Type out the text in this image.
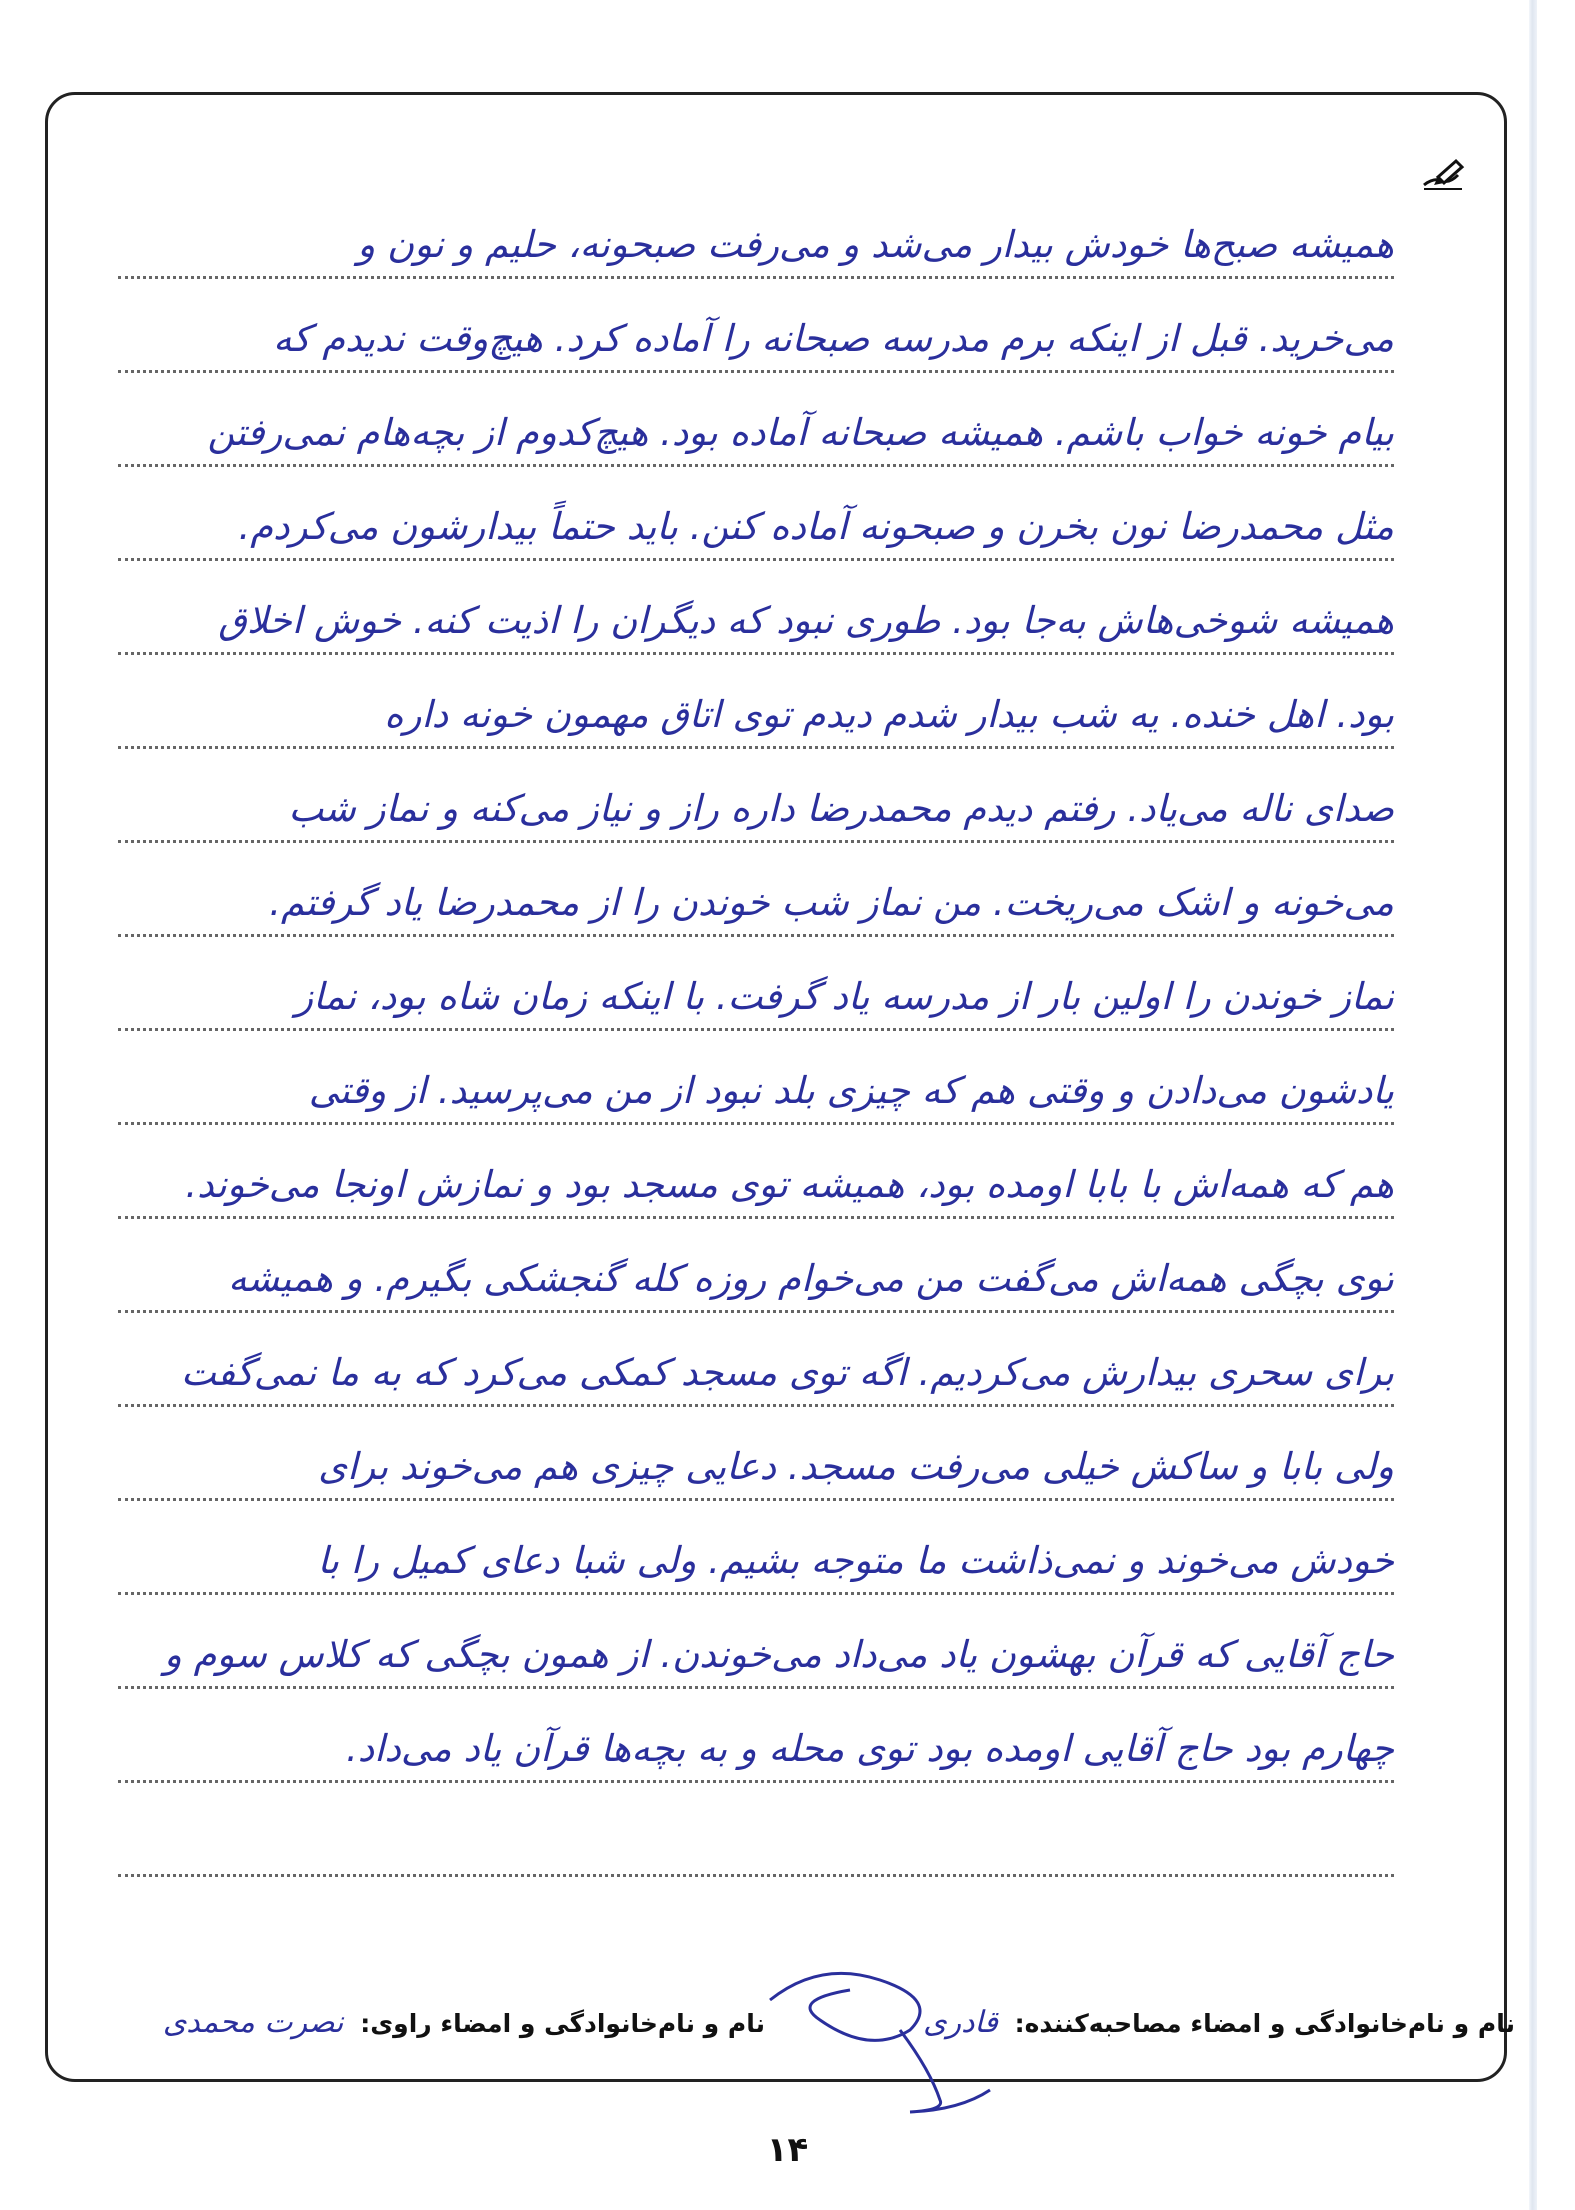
همیشه صبح‌ها خودش بیدار می‌شد و می‌رفت صبحونه، حلیم و نون و
می‌خرید. قبل از اینکه برم مدرسه صبحانه را آماده کرد. هیچ‌وقت ندیدم که
بیام خونه خواب باشم. همیشه صبحانه آماده بود. هیچ‌کدوم از بچه‌هام نمی‌رفتن
مثل محمدرضا نون بخرن و صبحونه آماده کنن. باید حتماً بیدارشون می‌کردم.
همیشه شوخی‌هاش به‌جا بود. طوری نبود که دیگران را اذیت کنه. خوش اخلاق
بود. اهل خنده. یه شب بیدار شدم دیدم توی اتاق مهمون خونه داره
صدای ناله می‌یاد. رفتم دیدم محمدرضا داره راز و نیاز می‌کنه و نماز شب
می‌خونه و اشک می‌ریخت. من نماز شب خوندن را از محمدرضا یاد گرفتم.
نماز خوندن را اولین بار از مدرسه یاد گرفت. با اینکه زمان شاه بود، نماز
یادشون می‌دادن و وقتی هم که چیزی بلد نبود از من می‌پرسید. از وقتی
هم که همه‌اش با بابا اومده بود، همیشه توی مسجد بود و نمازش اونجا می‌خوند.
توی بچگی همه‌اش می‌گفت من می‌خوام روزه کله گنجشکی بگیرم. و همیشه
برای سحری بیدارش می‌کردیم. اگه توی مسجد کمکی می‌کرد که به ما نمی‌گفت
ولی بابا و ساکش خیلی می‌رفت مسجد. دعایی چیزی هم می‌خوند برای
خودش می‌خوند و نمی‌ذاشت ما متوجه بشیم. ولی شبا دعای کمیل را با
حاج آقایی که قرآن بهشون یاد می‌داد می‌خوندن. از همون بچگی که کلاس سوم و
چهارم بود حاج آقایی اومده بود توی محله و به بچه‌ها قرآن یاد می‌داد.
نام و نام‌خانوادگی و امضاء مصاحبه‌کننده: قادری
نام و نام‌خانوادگی و امضاء راوی: نصرت محمدی
۱۴
